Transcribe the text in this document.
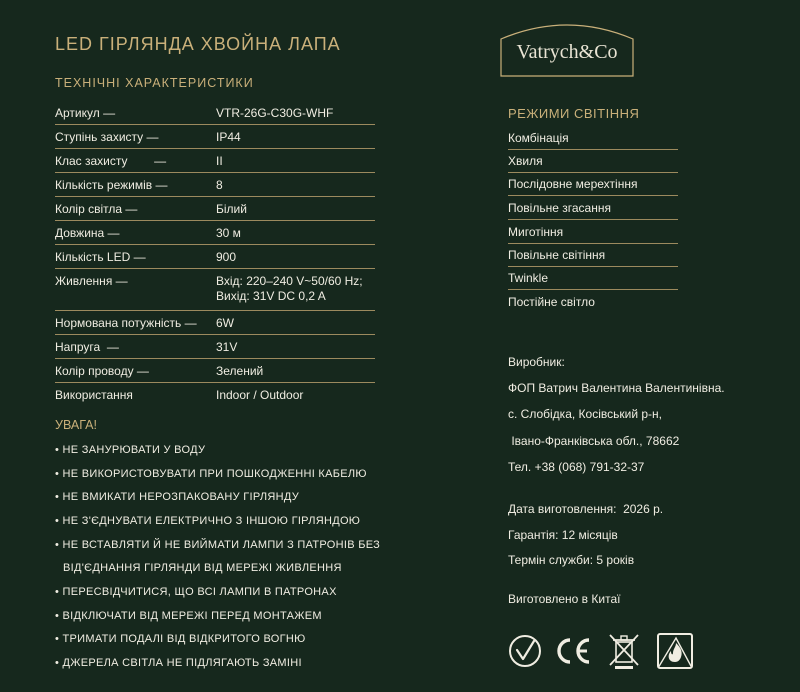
LED ГІРЛЯНДА ХВОЙНА ЛАПА
ТЕХНІЧНІ ХАРАКТЕРИСТИКИ
Артикул —	VTR-26G-C30G-WHF
Ступінь захисту —	IP44
Клас захисту        —	II
Кількість режимів —	8
Колір світла —	Білий
Довжина —	30 м
Кількість LED —	900
Живлення —	Вхід: 220–240 V~50/60 Hz;
Вихід: 31V DC 0,2 A
Нормована потужність — 6W
Напруга  —	31V
Колір проводу —	Зелений
Використання	Indoor / Outdoor
УВАГА!
• НЕ ЗАНУРЮВАТИ У ВОДУ
• НЕ ВИКОРИСТОВУВАТИ ПРИ ПОШКОДЖЕННІ КАБЕЛЮ
• НЕ ВМИКАТИ НЕРОЗПАКОВАНУ ГІРЛЯНДУ
• НЕ З'ЄДНУВАТИ ЕЛЕКТРИЧНО З ІНШОЮ ГІРЛЯНДОЮ
• НЕ ВСТАВЛЯТИ Й НЕ ВИЙМАТИ ЛАМПИ З ПАТРОНІВ БЕЗ
ВІД'ЄДНАННЯ ГІРЛЯНДИ ВІД МЕРЕЖІ ЖИВЛЕННЯ
• ПЕРЕСВІДЧИТИСЯ, ЩО ВСІ ЛАМПИ В ПАТРОНАХ
• ВІДКЛЮЧАТИ ВІД МЕРЕЖІ ПЕРЕД МОНТАЖЕМ
• ТРИМАТИ ПОДАЛІ ВІД ВІДКРИТОГО ВОГНЮ
• ДЖЕРЕЛА СВІТЛА НЕ ПІДЛЯГАЮТЬ ЗАМІНІ
Vatrych&Co
РЕЖИМИ СВІТІННЯ
Комбінація
Хвиля
Послідовне мерехтіння
Повільне згасання
Миготіння
Повільне світіння
Twinkle
Постійне світло
Виробник:
ФОП Ватрич Валентина Валентинівна.
с. Слобідка, Косівський р-н,
Івано-Франківська обл., 78662
Тел. +38 (068) 791-32-37
Дата виготовлення:  2026 р.
Гарантія: 12 місяців
Термін служби: 5 років
Виготовлено в Китаї
